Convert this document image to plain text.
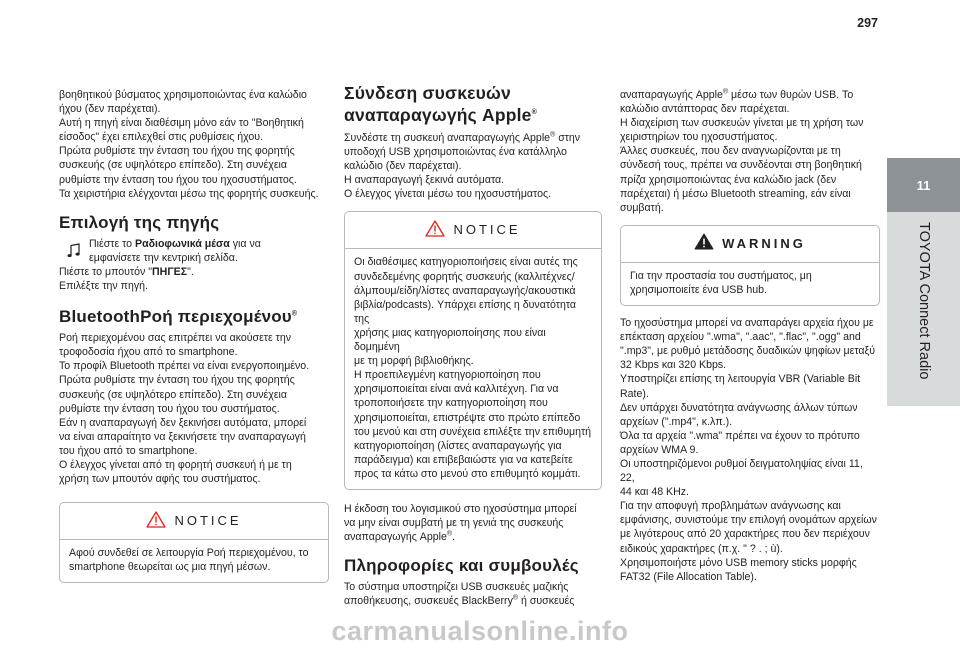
297
11
TOYOTA Connect Radio

βοηθητικού βύσματος χρησιμοποιώντας ένα καλώδιο

ήχου (δεν παρέχεται).

Αυτή η πηγή είναι διαθέσιμη μόνο εάν το "Βοηθητική

είσοδος" έχει επιλεχθεί στις ρυθμίσεις ήχου.

Πρώτα ρυθμίστε την ένταση του ήχου της φορητής

συσκευής (σε υψηλότερο επίπεδο). Στη συνέχεια

ρυθμίστε την ένταση του ήχου του ηχοσυστήματος.

Τα χειριστήρια ελέγχονται μέσω της φορητής συσκευής.

Επιλογή της πηγής

Πιέστε το Ραδιοφωνικά μέσα για να

εμφανίσετε την κεντρική σελίδα.

Πιέστε το μπουτόν "ΠΗΓΕΣ".

Επιλέξτε την πηγή.

BluetoothΡοή περιεχομένου®

Ροή περιεχομένου σας επιτρέπει να ακούσετε την

τροφοδοσία ήχου από το smartphone.

Το προφίλ Bluetooth πρέπει να είναι ενεργοποιημένο.

Πρώτα ρυθμίστε την ένταση του ήχου της φορητής

συσκευής (σε υψηλότερο επίπεδο). Στη συνέχεια

ρυθμίστε την ένταση του ήχου του συστήματος.

Εάν η αναπαραγωγή δεν ξεκινήσει αυτόματα, μπορεί

να είναι απαραίτητο να ξεκινήσετε την αναπαραγωγή

του ήχου από το smartphone.

Ο έλεγχος γίνεται από τη φορητή συσκευή ή με τη

χρήση των μπουτόν αφής του συστήματος.

NOTICE

Αφού συνδεθεί σε λειτουργία Ροή περιεχομένου, το

smartphone θεωρείται ως μια πηγή μέσων.

Σύνδεση συσκευών
αναπαραγωγής Apple®

Συνδέστε τη συσκευή αναπαραγωγής Apple® στην

υποδοχή USB χρησιμοποιώντας ένα κατάλληλο

καλώδιο (δεν παρέχεται).

Η αναπαραγωγή ξεκινά αυτόματα.

Ο έλεγχος γίνεται μέσω του ηχοσυστήματος.

NOTICE

Οι διαθέσιμες κατηγοριοποιήσεις είναι αυτές της

συνδεδεμένης φορητής συσκευής (καλλιτέχνες/

άλμπουμ/είδη/λίστες αναπαραγωγής/ακουστικά

βιβλία/podcasts). Υπάρχει επίσης η δυνατότητα της

χρήσης μιας κατηγοριοποίησης που είναι δομημένη

με τη μορφή βιβλιοθήκης.

Η προεπιλεγμένη κατηγοριοποίηση που

χρησιμοποιείται είναι ανά καλλιτέχνη. Για να

τροποποιήσετε την κατηγοριοποίηση που

χρησιμοποιείται, επιστρέψτε στο πρώτο επίπεδο

του μενού και στη συνέχεια επιλέξτε την επιθυμητή

κατηγοριοποίηση (λίστες αναπαραγωγής για

παράδειγμα) και επιβεβαιώστε για να κατεβείτε

προς τα κάτω στο μενού στο επιθυμητό κομμάτι.

Η έκδοση του λογισμικού στο ηχοσύστημα μπορεί

να μην είναι συμβατή με τη γενιά της συσκευής

αναπαραγωγής Apple®.

Πληροφορίες και συμβουλές

Το σύστημα υποστηρίζει USB συσκευές μαζικής

αποθήκευσης, συσκευές BlackBerry® ή συσκευές

αναπαραγωγής Apple® μέσω των θυρών USB. Το

καλώδιο αντάπτορας δεν παρέχεται.

Η διαχείριση των συσκευών γίνεται με τη χρήση των

χειριστηρίων του ηχοσυστήματος.

Άλλες συσκευές, που δεν αναγνωρίζονται με τη

σύνδεσή τους, πρέπει να συνδέονται στη βοηθητική

πρίζα χρησιμοποιώντας ένα καλώδιο jack (δεν

παρέχεται) ή μέσω Bluetooth streaming, εάν είναι

συμβατή.

WARNING

Για την προστασία του συστήματος, μη

χρησιμοποιείτε ένα USB hub.

Το ηχοσύστημα μπορεί να αναπαράγει αρχεία ήχου με

επέκταση αρχείου ".wma", ".aac", ".flac", ".ogg" and

".mp3", με ρυθμό μετάδοσης δυαδικών ψηφίων μεταξύ

32 Kbps και 320 Kbps.

Υποστηρίζει επίσης τη λειτουργία VBR (Variable Bit

Rate).

Δεν υπάρχει δυνατότητα ανάγνωσης άλλων τύπων

αρχείων (".mp4", κ.λπ.).

Όλα τα αρχεία ".wma" πρέπει να έχουν το πρότυπο

αρχείων WMA 9.

Οι υποστηριζόμενοι ρυθμοί δειγματοληψίας είναι 11, 22,

44 και 48 KHz.

Για την αποφυγή προβλημάτων ανάγνωσης και

εμφάνισης, συνιστούμε την επιλογή ονομάτων αρχείων

με λιγότερους από 20 χαρακτήρες που δεν περιέχουν

ειδικούς χαρακτήρες (π.χ. " ? . ; ù).

Χρησιμοποιήστε μόνο USB memory sticks μορφής

FAT32 (File Allocation Table).

carmanualsonline.info
